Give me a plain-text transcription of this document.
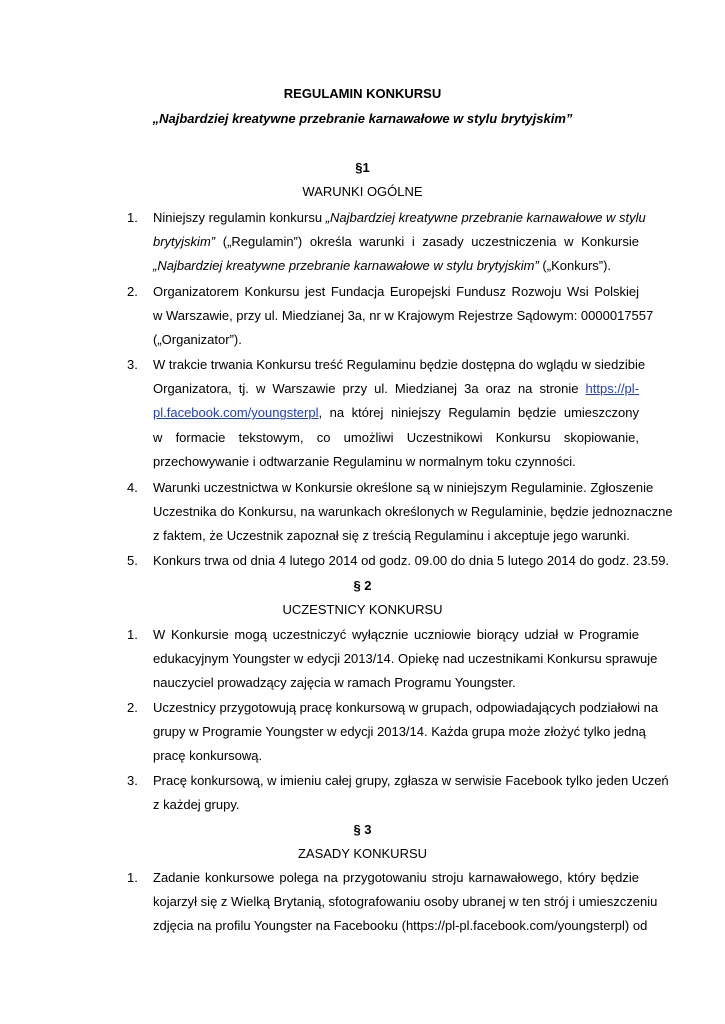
REGULAMIN KONKURSU
„Najbardziej kreatywne przebranie karnawałowe w stylu brytyjskim”
§1
WARUNKI OGÓLNE
1.	Niniejszy regulamin konkursu „Najbardziej kreatywne przebranie karnawałowe w stylu
brytyjskim” („Regulamin”) określa warunki i zasady uczestniczenia w Konkursie
„Najbardziej kreatywne przebranie karnawałowe w stylu brytyjskim” („Konkurs”).
2.	Organizatorem Konkursu jest Fundacja Europejski Fundusz Rozwoju Wsi Polskiej
w Warszawie, przy ul. Miedzianej 3a, nr w Krajowym Rejestrze Sądowym: 0000017557
(„Organizator”).
3.	W trakcie trwania Konkursu treść Regulaminu będzie dostępna do wglądu w siedzibie
Organizatora, tj. w Warszawie przy ul. Miedzianej 3a oraz na stronie https://pl-
pl.facebook.com/youngsterpl, na której niniejszy Regulamin będzie umieszczony
w formacie tekstowym, co umożliwi Uczestnikowi Konkursu skopiowanie,
przechowywanie i odtwarzanie Regulaminu w normalnym toku czynności.
4.	Warunki uczestnictwa w Konkursie określone są w niniejszym Regulaminie. Zgłoszenie
Uczestnika do Konkursu, na warunkach określonych w Regulaminie, będzie jednoznaczne
z faktem, że Uczestnik zapoznał się z treścią Regulaminu i akceptuje jego warunki.
5.	Konkurs trwa od dnia 4 lutego 2014 od godz. 09.00 do dnia 5 lutego 2014 do godz. 23.59.
§ 2
UCZESTNICY KONKURSU
1.	W Konkursie mogą uczestniczyć wyłącznie uczniowie biorący udział w Programie
edukacyjnym Youngster w edycji 2013/14. Opiekę nad uczestnikami Konkursu sprawuje
nauczyciel prowadzący zajęcia w ramach Programu Youngster.
2.	Uczestnicy przygotowują pracę konkursową w grupach, odpowiadających podziałowi na
grupy w Programie Youngster w edycji 2013/14. Każda grupa może złożyć tylko jedną
pracę konkursową.
3.	Pracę konkursową, w imieniu całej grupy, zgłasza w serwisie Facebook tylko jeden Uczeń
z każdej grupy.
§ 3
ZASADY KONKURSU
1.	Zadanie konkursowe polega na przygotowaniu stroju karnawałowego, który będzie
kojarzył się z Wielką Brytanią, sfotografowaniu osoby ubranej w ten strój i umieszczeniu
zdjęcia na profilu Youngster na Facebooku (https://pl-pl.facebook.com/youngsterpl) od
